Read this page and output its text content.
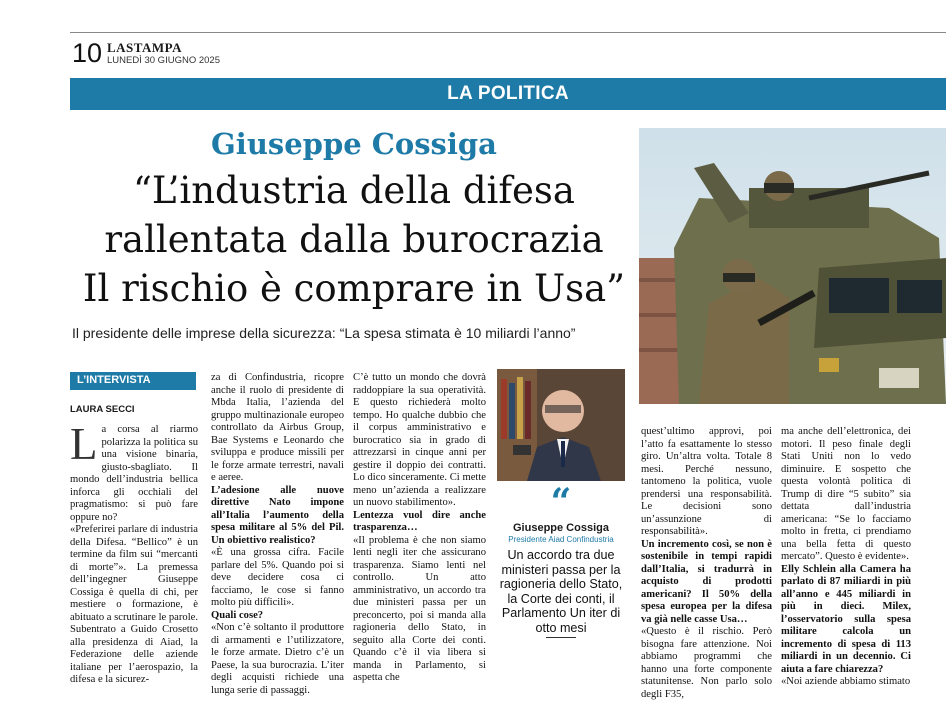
10 LASTAMPA
LUNEDÌ 30 GIUGNO 2025
LA POLITICA
Giuseppe Cossiga
“L’industria della difesa
rallentata dalla burocrazia
Il rischio è comprare in Usa”
Il presidente delle imprese della sicurezza: “La spesa stimata è 10 miliardi l’anno”
L’INTERVISTA
LAURA SECCI

La corsa al riarmo polarizza la politica su una visione binaria, giusto-sbagliato. Il mondo dell’industria bellica inforca gli occhiali del pragmatismo: si può fare oppure no?

«Preferirei parlare di industria della Difesa. “Bellico” è un termine da film sui “mercanti di morte”». La premessa dell’ingegner Giuseppe Cossiga è quella di chi, per mestiere o formazione, è abituato a scrutinare le parole. Subentrato a Guido Crosetto alla presidenza di Aiad, la Federazione delle aziende italiane per l’aerospazio, la difesa e la sicurez-

za di Confindustria, ricopre anche il ruolo di presidente di Mbda Italia, l’azienda del gruppo multinazionale europeo controllato da Airbus Group, Bae Systems e Leonardo che sviluppa e produce missili per le forze armate terrestri, navali e aeree.

L’adesione alle nuove direttive Nato impone all’Italia l’aumento della spesa militare al 5% del Pil. Un obiettivo realistico?

«È una grossa cifra. Facile parlare del 5%. Quando poi si deve decidere cosa ci facciamo, le cose si fanno molto più difficili».

Quali cose?

«Non c’è soltanto il produttore di armamenti e l’utilizzatore, le forze armate. Dietro c’è un Paese, la sua burocrazia. L’iter degli acquisti richiede una lunga serie di passaggi.

C’è tutto un mondo che dovrà raddoppiare la sua operatività. E questo richiederà molto tempo. Ho qualche dubbio che il corpus amministrativo e burocratico sia in grado di attrezzarsi in cinque anni per gestire il doppio dei contratti. Lo dico sinceramente. Ci mette meno un’azienda a realizzare un nuovo stabilimento».

Lentezza vuol dire anche trasparenza…

«Il problema è che non siamo lenti negli iter che assicurano trasparenza. Siamo lenti nel controllo. Un atto amministrativo, un accordo tra due ministeri passa per un preconcerto, poi si manda alla ragioneria dello Stato, in seguito alla Corte dei conti. Quando c’è il via libera si manda in Parlamento, si aspetta che

“
Giuseppe Cossiga
Presidente Aiad Confindustria
Un accordo tra due ministeri passa per la ragioneria dello Stato, la Corte dei conti, il Parlamento Un iter di otto mesi

quest’ultimo approvi, poi l’atto fa esattamente lo stesso giro. Un’altra volta. Totale 8 mesi. Perché nessuno, tantomeno la politica, vuole prendersi una responsabilità. Le decisioni sono un’assunzione di responsabilità».

Un incremento così, se non è sostenibile in tempi rapidi dall’Italia, si tradurrà in acquisto di prodotti americani? Il 50% della spesa europea per la difesa va già nelle casse Usa…

«Questo è il rischio. Però bisogna fare attenzione. Noi abbiamo programmi che hanno una forte componente statunitense. Non parlo solo degli F35,

ma anche dell’elettronica, dei motori. Il peso finale degli Stati Uniti non lo vedo diminuire. E sospetto che questa volontà politica di Trump di dire “5 subito” sia dettata dall’industria americana: “Se lo facciamo molto in fretta, ci prendiamo una bella fetta di questo mercato”. Questo è evidente».

Elly Schlein alla Camera ha parlato di 87 miliardi in più all’anno e 445 miliardi in più in dieci. Milex, l’osservatorio sulla spesa militare calcola un incremento di spesa di 113 miliardi in un decennio. Ci aiuta a fare chiarezza?

«Noi aziende abbiamo stimato
